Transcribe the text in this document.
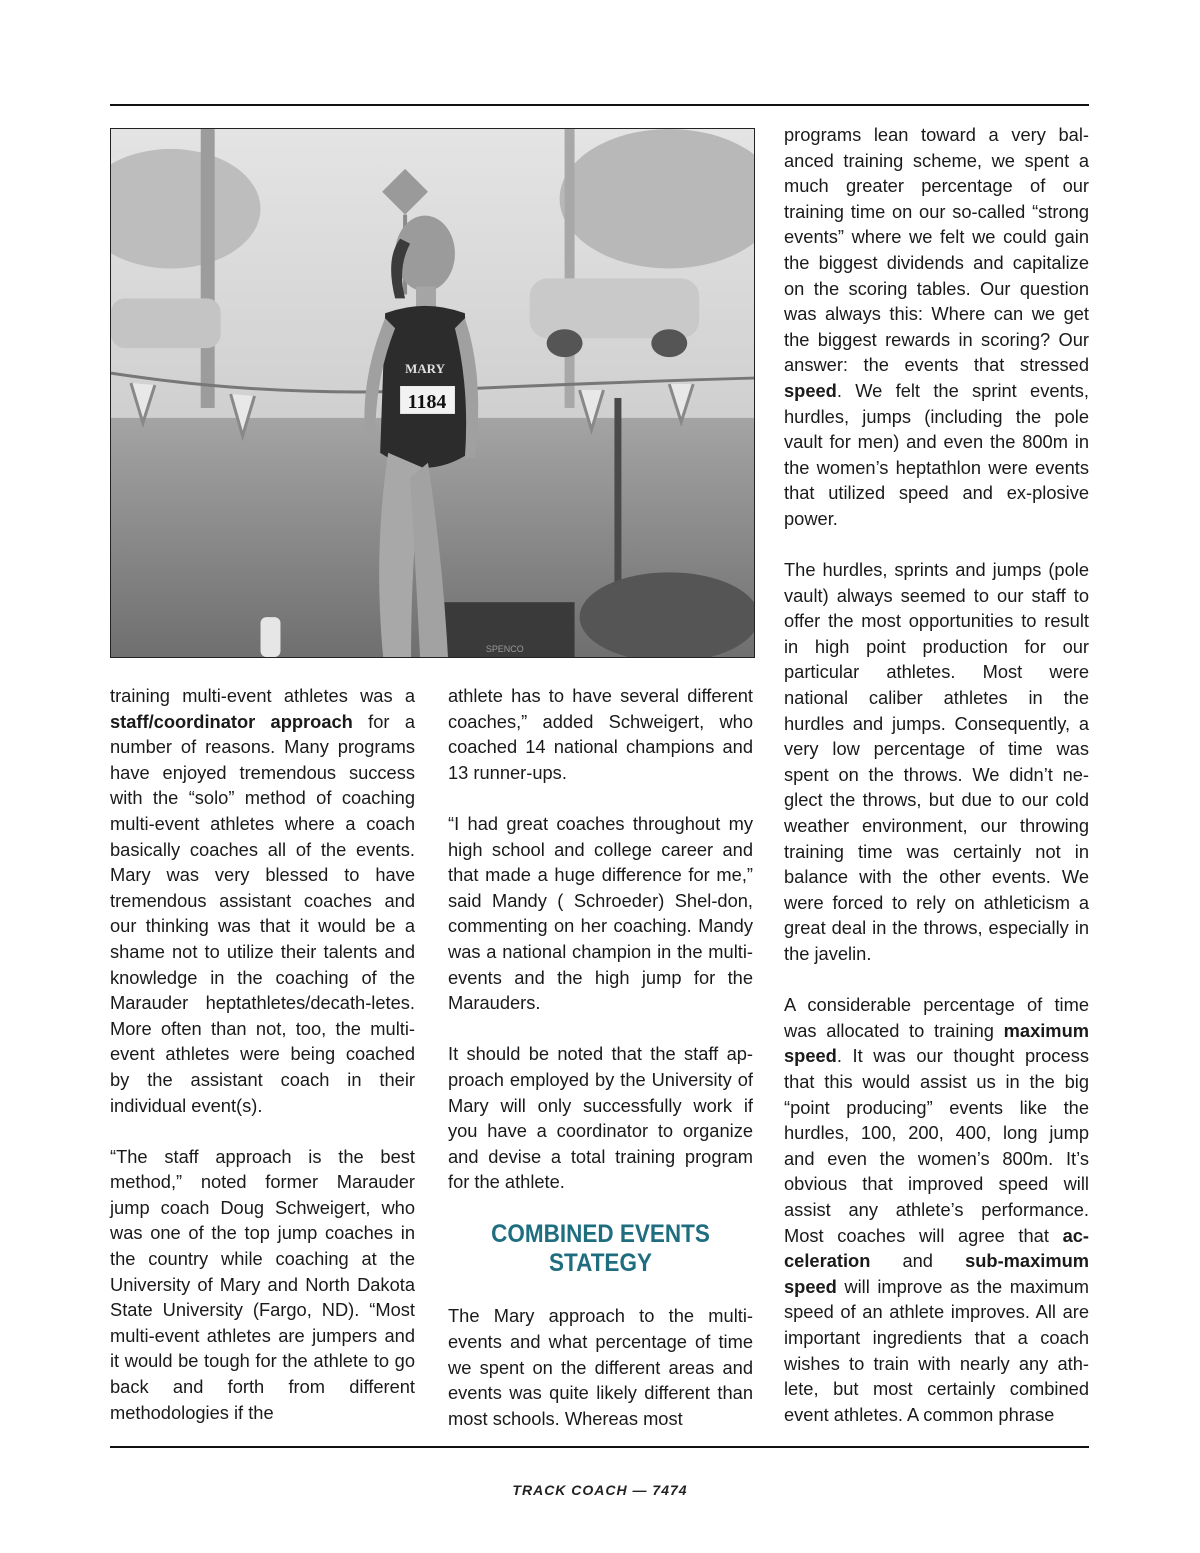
SPENCO
MARY
1184

training multi-event athletes was a staff/coordinator approach for a number of reasons. Many programs have enjoyed tremendous success with the “solo” method of coaching multi-event athletes where a coach basically coaches all of the events. Mary was very blessed to have tremendous assistant coaches and our thinking was that it would be a shame not to utilize their talents and knowledge in the coaching of the Marauder heptathletes/decath-letes. More often than not, too, the multi-event athletes were being coached by the assistant coach in their individual event(s).

“The staff approach is the best method,” noted former Marauder jump coach Doug Schweigert, who was one of the top jump coaches in the country while coaching at the University of Mary and North Dakota State University (Fargo, ND). “Most multi-event athletes are jumpers and it would be tough for the athlete to go back and forth from different methodologies if the

athlete has to have several different coaches,” added Schweigert, who coached 14 national champions and 13 runner-ups.

“I had great coaches throughout my high school and college career and that made a huge difference for me,” said Mandy ( Schroeder) Shel-don, commenting on her coaching. Mandy was a national champion in the multi-events and the high jump for the Marauders.

It should be noted that the staff ap-proach employed by the University of Mary will only successfully work if you have a coordinator to organize and devise a total training program for the athlete.

COMBINED EVENTS
STATEGY

The Mary approach to the multi-events and what percentage of time we spent on the different areas and events was quite likely different than most schools. Whereas most

programs lean toward a very bal-anced training scheme, we spent a much greater percentage of our training time on our so-called “strong events” where we felt we could gain the biggest dividends and capitalize on the scoring tables. Our question was always this: Where can we get the biggest rewards in scoring? Our answer: the events that stressed speed. We felt the sprint events, hurdles, jumps (including the pole vault for men) and even the 800m in the women’s heptathlon were events that utilized speed and ex-plosive power.

The hurdles, sprints and jumps (pole vault) always seemed to our staff to offer the most opportunities to result in high point production for our particular athletes. Most were national caliber athletes in the hurdles and jumps. Consequently, a very low percentage of time was spent on the throws. We didn’t ne-glect the throws, but due to our cold weather environment, our throwing training time was certainly not in balance with the other events. We were forced to rely on athleticism a great deal in the throws, especially in the javelin.

A considerable percentage of time was allocated to training maximum speed. It was our thought process that this would assist us in the big “point producing” events like the hurdles, 100, 200, 400, long jump and even the women’s 800m. It’s obvious that improved speed will assist any athlete’s performance. Most coaches will agree that ac-celeration and sub-maximum speed will improve as the maximum speed of an athlete improves. All are important ingredients that a coach wishes to train with nearly any ath-lete, but most certainly combined event athletes. A common phrase

TRACK COACH — 7474
